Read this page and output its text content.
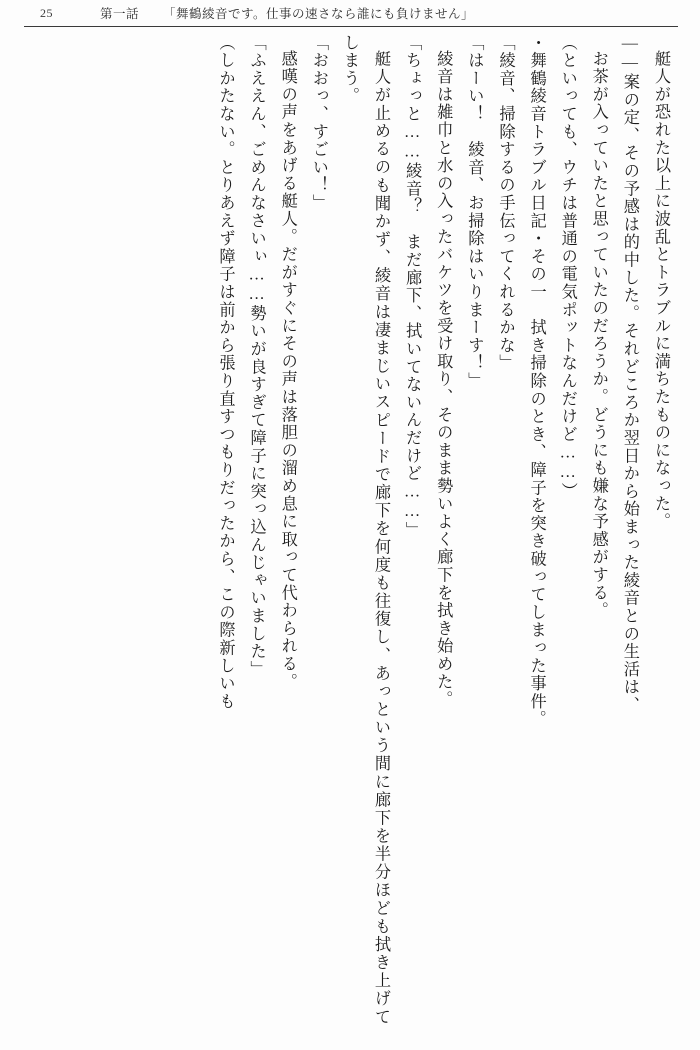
25	第一話 「舞鶴綾音です。仕事の速さなら誰にも負けません」

艇人が恐れた以上に波乱とトラブルに満ちたものになった。

――案の定、その予感は的中した。それどころか翌日から始まった綾音との生活は、

お茶が入っていたと思っていたのだろうか。どうにも嫌な予感がする。

（といっても、ウチは普通の電気ポットなんだけど……）

・舞鶴綾音トラブル日記・その一　拭き掃除のとき、障子を突き破ってしまった事件。

「綾音、掃除するの手伝ってくれるかな」

「はーい！　綾音、お掃除はいりまーす！」

綾音は雑巾と水の入ったバケツを受け取り、そのまま勢いよく廊下を拭き始めた。

「ちょっと……綾音？　まだ廊下、拭いてないんだけど……」

艇人が止めるのも聞かず、綾音は凄まじいスピードで廊下を何度も往復し、あっという間に廊下を半分ほども拭き上げてしまう。

「おおっ、すごい！」

感嘆の声をあげる艇人。だがすぐにその声は落胆の溜め息に取って代わられる。

「ふええん、ごめんなさいぃ……勢いが良すぎて障子に突っ込んじゃいました」

（しかたない。とりあえず障子は前から張り直すつもりだったから、この際新しいも
